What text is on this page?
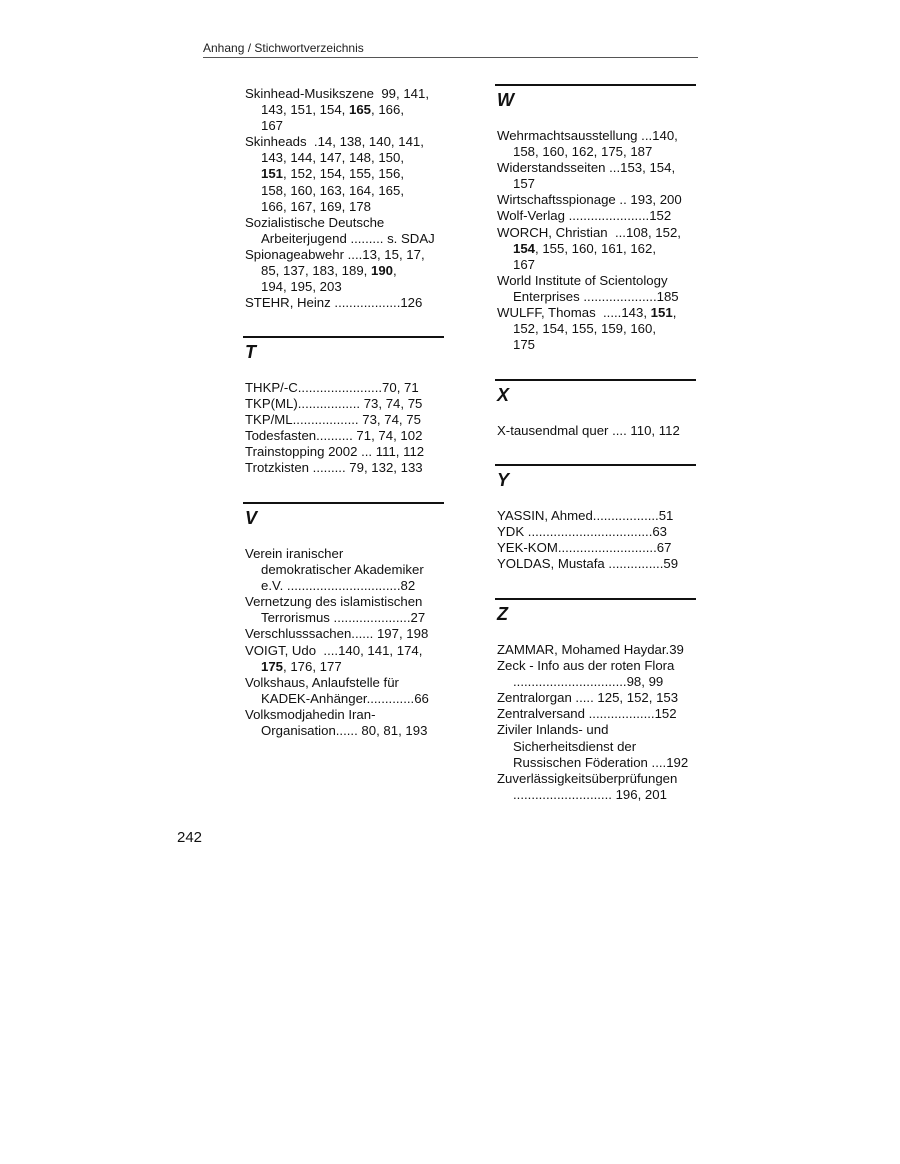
Anhang / Stichwortverzeichnis
Skinhead-Musikszene  99, 141,
143, 151, 154, 165, 166,
167
Skinheads  .14, 138, 140, 141,
143, 144, 147, 148, 150,
151, 152, 154, 155, 156,
158, 160, 163, 164, 165,
166, 167, 169, 178
Sozialistische Deutsche
Arbeiterjugend ......... s. SDAJ
Spionageabwehr ....13, 15, 17,
85, 137, 183, 189, 190,
194, 195, 203
STEHR, Heinz ..................126
T
THKP/-C.......................70, 71
TKP(ML)................. 73, 74, 75
TKP/ML.................. 73, 74, 75
Todesfasten.......... 71, 74, 102
Trainstopping 2002 ... 111, 112
Trotzkisten ......... 79, 132, 133
V
Verein iranischer
demokratischer Akademiker
e.V. ...............................82
Vernetzung des islamistischen
Terrorismus .....................27
Verschlusssachen...... 197, 198
VOIGT, Udo  ....140, 141, 174,
175, 176, 177
Volkshaus, Anlaufstelle für
KADEK-Anhänger.............66
Volksmodjahedin Iran-
Organisation...... 80, 81, 193
W
Wehrmachtsausstellung ...140,
158, 160, 162, 175, 187
Widerstandsseiten ...153, 154,
157
Wirtschaftsspionage .. 193, 200
Wolf-Verlag ......................152
WORCH, Christian  ...108, 152,
154, 155, 160, 161, 162,
167
World Institute of Scientology
Enterprises ....................185
WULFF, Thomas  .....143, 151,
152, 154, 155, 159, 160,
175
X
X-tausendmal quer .... 110, 112
Y
YASSIN, Ahmed..................51
YDK ..................................63
YEK-KOM...........................67
YOLDAS, Mustafa ...............59
Z
ZAMMAR, Mohamed Haydar.39
Zeck - Info aus der roten Flora
...............................98, 99
Zentralorgan ..... 125, 152, 153
Zentralversand ..................152
Ziviler Inlands- und
Sicherheitsdienst der
Russischen Föderation ....192
Zuverlässigkeitsüberprüfungen
........................... 196, 201
242
